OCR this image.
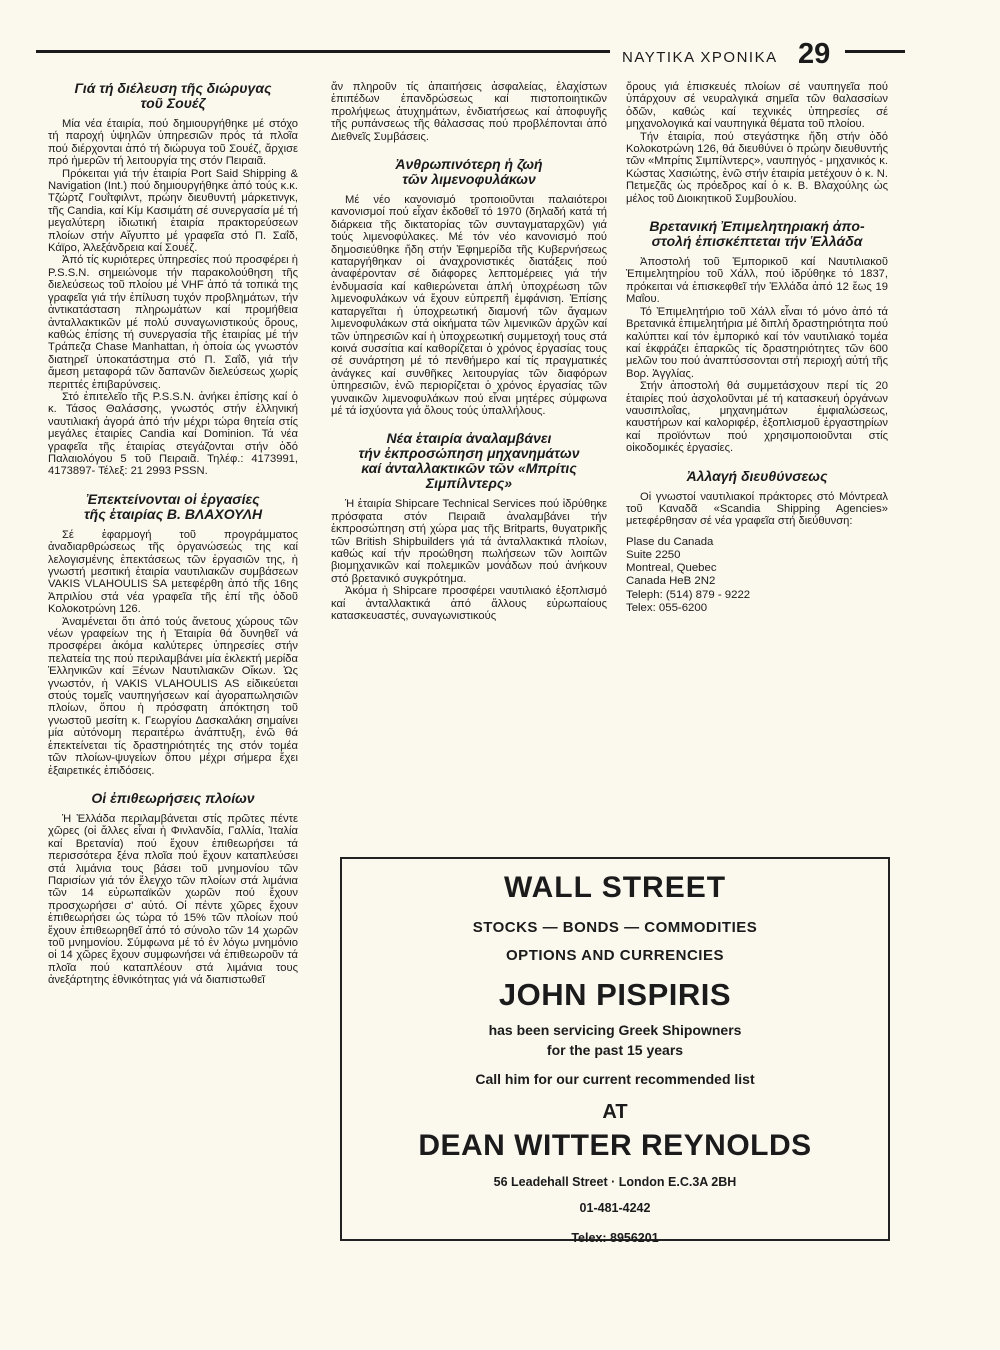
ΝΑΥΤΙΚΑ ΧΡΟΝΙΚΑ 29
Γιά τή διέλευση τῆς διώρυγας
τοῦ Σουέζ

Μία νέα έταιρία, πού δημιουργήθηκε μέ στόχο τή παροχή ὑψηλῶν ὑπηρεσιῶν πρός τά πλοῖα πού διέρχονται ἀπό τή διώρυγα τοῦ Σουέζ, ἄρχισε πρό ἡμερῶν τή λειτουργία της στόν Πειραιᾶ.

Πρόκειται γιά τήν ἑταιρία Port Said Shipping & Navigation (Int.) πού δημιουργήθηκε ἀπό τούς κ.κ. Τζώρτζ Γουΐτφιλντ, πρώην διευθυντή μάρκετινγκ, τῆς Candia, καί Κίμ Κασιμάτη σέ συνεργασία μέ τή μεγαλύτερη ἰδιωτική ἑταιρία πρακτορεύσεων πλοίων στήν Αἴγυπτο μέ γραφεῖα στό Π. Σαΐδ, Κάϊρο, Ἀλεξάνδρεια καί Σουέζ.

Ἀπό τίς κυριότερες ὑπηρεσίες πού προσφέρει ἡ P.S.S.N. σημειώνομε τήν παρακολούθηση τῆς διελεύσεως τοῦ πλοίου μέ VHF ἀπό τά τοπικά της γραφεῖα γιά τήν ἐπίλυση τυχόν προβλημάτων, τήν ἀντικατάσταση πληρωμάτων καί προμήθεια ἀνταλλακτικῶν μέ πολύ συναγωνιστικούς ὅρους, καθώς ἐπίσης τή συνεργασία τῆς ἑταιρίας μέ τήν Τράπεζα Chase Manhattan, ἡ ὁποία ὡς γνωστόν διατηρεῖ ὑποκατάστημα στό Π. Σαΐδ, γιά τήν ἄμεση μεταφορά τῶν δαπανῶν διελεύσεως χωρίς περιττές ἐπιβαρύνσεις.

Στό ἐπιτελεῖο τῆς P.S.S.N. ἀνήκει ἐπίσης καί ὁ κ. Τάσος Θαλάσσης, γνωστός στήν ἑλληνική ναυτιλιακή ἀγορά ἀπό τήν μέχρι τώρα θητεία στίς μεγάλες ἑταιρίες Candia καί Dominion. Τά νέα γραφεῖα τῆς ἑταιρίας στεγάζονται στήν ὁδό Παλαιολόγου 5 τοῦ Πειραιᾶ. Τηλέφ.: 4173991, 4173897- Τέλεξ: 21 2993 PSSN.

Ἐπεκτείνονται οἱ ἐργασίες
τῆς ἑταιρίας Β. ΒΛΑΧΟΥΛΗ

Σέ ἐφαρμογή τοῦ προγράμματος ἀναδιαρθρώσεως τῆς ὀργανώσεώς της καί λελογισμένης ἐπεκτάσεως τῶν ἐργασιῶν της, ἡ γνωστή μεσιτική ἑταιρία ναυτιλιακῶν συμβάσεων VAKIS VLAHOULIS SA μετεφέρθη ἀπό τῆς 16ης Ἀπριλίου στά νέα γραφεῖα τῆς ἐπί τῆς ὁδοῦ Κολοκοτρώνη 126.

Ἀναμένεται ὅτι ἀπό τούς ἄνετους χώρους τῶν νέων γραφείων της ἡ Ἐταιρία θά δυνηθεῖ νά προσφέρει ἀκόμα καλύτερες ὑπηρεσίες στήν πελατεία της πού περιλαμβάνει μία ἐκλεκτή μερίδα Ἑλληνικῶν καί Ξένων Ναυτιλιακῶν Οἴκων. Ὡς γνωστόν, ἡ VAKIS VLAHOULIS AS εἰδικεύεται στούς τομεῖς ναυπηγήσεων καί ἀγοραπωλησιῶν πλοίων, ὅπου ἡ πρόσφατη ἀπόκτηση τοῦ γνωστοῦ μεσίτη κ. Γεωργίου Δασκαλάκη σημαίνει μία αὐτόνομη περαιτέρω ἀνάπτυξη, ἐνῶ θά ἐπεκτείνεται τίς δραστηριότητές της στόν τομέα τῶν πλοίων-ψυγείων ὅπου μέχρι σήμερα ἔχει ἐξαιρετικές ἐπιδόσεις.

Οἱ ἐπιθεωρήσεις πλοίων

Ἡ Ἑλλάδα περιλαμβάνεται στίς πρῶτες πέντε χῶρες (οἱ ἄλλες εἶναι ἡ Φινλανδία, Γαλλία, Ἰταλία καί Βρετανία) πού ἔχουν ἐπιθεωρήσει τά περισσότερα ξένα πλοῖα πού ἔχουν καταπλεύσει στά λιμάνια τους βάσει τοῦ μνημονίου τῶν Παρισίων γιά τόν ἔλεγχο τῶν πλοίων στά λιμάνια τῶν 14 εὐρωπαϊκῶν χωρῶν πού ἔχουν προσχωρήσει σ' αὐτό. Οἱ πέντε χῶρες ἔχουν ἐπιθεωρήσει ὡς τώρα τό 15% τῶν πλοίων πού ἔχουν ἐπιθεωρηθεῖ ἀπό τό σύνολο τῶν 14 χωρῶν τοῦ μνημονίου. Σύμφωνα μέ τό ἐν λόγω μνημόνιο οἱ 14 χῶρες ἔχουν συμφωνήσει νά ἐπιθεωροῦν τά πλοῖα πού καταπλέουν στά λιμάνια τους ἀνεξάρτητης ἐθνικότητας γιά νά διαπιστωθεῖ

ἄν πληροῦν τίς ἀπαιτήσεις ἀσφαλείας, ἐλαχίστων ἐπιπέδων ἐπανδρώσεως καί πιστοποιητικῶν προλήψεως ἀτυχημάτων, ἐνδιατήσεως καί ἀποφυγῆς τῆς ρυπάνσεως τῆς θάλασσας πού προβλέπονται ἀπό Διεθνεῖς Συμβάσεις.

Ἀνθρωπινότερη ἡ ζωή
τῶν λιμενοφυλάκων

Μέ νέο κανονισμό τροποιοῦνται παλαιότεροι κανονισμοί πού εἶχαν ἐκδοθεῖ τό 1970 (δηλαδή κατά τή διάρκεια τῆς δικτατορίας τῶν συνταγματαρχῶν) γιά τούς λιμενοφύλακες. Μέ τόν νέο κανονισμό πού δημοσιεύθηκε ἤδη στήν Ἐφημερίδα τῆς Κυβερνήσεως καταργήθηκαν οἱ ἀναχρονιστικές διατάξεις πού ἀναφέρονταν σέ διάφορες λεπτομέρειες γιά τήν ἐνδυμασία καί καθιερώνεται ἁπλή ὑποχρέωση τῶν λιμενοφυλάκων νά ἔχουν εὐπρεπῆ ἐμφάνιση. Ἐπίσης καταργεῖται ἡ ὑποχρεωτική διαμονή τῶν ἄγαμων λιμενοφυλάκων στά οἰκήματα τῶν λιμενικῶν ἀρχῶν καί τῶν ὑπηρεσιῶν καί ἡ ὑποχρεωτική συμμετοχή τους στά κοινά συσσίτια καί καθορίζεται ὁ χρόνος ἐργασίας τους σέ συνάρτηση μέ τό πενθήμερο καί τίς πραγματικές ἀνάγκες καί συνθῆκες λειτουργίας τῶν διαφόρων ὑπηρεσιῶν, ἐνῶ περιορίζεται ὁ χρόνος ἐργασίας τῶν γυναικῶν λιμενοφυλάκων πού εἶναι μητέρες σύμφωνα μέ τά ἰσχύοντα γιά ὅλους τούς ὑπαλλήλους.

Νέα ἑταιρία ἀναλαμβάνει
τήν ἐκπροσώπηση μηχανημάτων
καί ἀνταλλακτικῶν τῶν «Μπρίτις
Σιμπίλντερς»

Ἡ ἑταιρία Shipcare Technical Services πού ἱδρύθηκε πρόσφατα στόν Πειραιᾶ ἀναλαμβάνει τήν ἐκπροσώπηση στή χώρα μας τῆς Britparts, θυγατρικῆς τῶν British Shipbuilders γιά τά ἀνταλλακτικά πλοίων, καθώς καί τήν προώθηση πωλήσεων τῶν λοιπῶν βιομηχανικῶν καί πολεμικῶν μονάδων πού ἀνήκουν στό βρετανικό συγκρότημα.

Ἀκόμα ἡ Shipcare προσφέρει ναυτιλιακό ἐξοπλισμό καί ἀνταλλακτικά ἀπό ἄλλους εὐρωπαίους κατασκευαστές, συναγωνιστικούς

ὅρους γιά ἐπισκευές πλοίων σέ ναυπηγεῖα πού ὑπάρχουν σέ νευραλγικά σημεῖα τῶν θαλασσίων ὁδῶν, καθώς καί τεχνικές ὑπηρεσίες σέ μηχανολογικά καί ναυπηγικά θέματα τοῦ πλοίου.

Τήν ἑταιρία, πού στεγάστηκε ἤδη στήν ὁδό Κολοκοτρώνη 126, θά διευθύνει ὁ πρώην διευθυντής τῶν «Μπρίτις Σιμπίλντερς», ναυπηγός - μηχανικός κ. Κώστας Χασιώτης, ἐνῶ στήν ἑταιρία μετέχουν ὁ κ. Ν. Πετμεζᾶς ὡς πρόεδρος καί ὁ κ. Β. Βλαχούλης ὡς μέλος τοῦ Διοικητικοῦ Συμβουλίου.

Βρετανική Ἐπιμελητηριακή ἀπο-
στολή ἐπισκέπτεται τήν Ἑλλάδα

Ἀποστολή τοῦ Ἐμπορικοῦ καί Ναυτιλιακοῦ Ἐπιμελητηρίου τοῦ Χάλλ, πού ἱδρύθηκε τό 1837, πρόκειται νά ἐπισκεφθεῖ τήν Ἑλλάδα ἀπό 12 ἕως 19 Μαΐου.

Τό Ἐπιμελητήριο τοῦ Χάλλ εἶναι τό μόνο ἀπό τά Βρετανικά ἐπιμελητήρια μέ διπλή δραστηριότητα πού καλύπτει καί τόν ἐμπορικό καί τόν ναυτιλιακό τομέα καί ἐκφράζει ἐπαρκῶς τίς δραστηριότητες τῶν 600 μελῶν του πού ἀναπτύσσονται στή περιοχή αὐτή τῆς Βορ. Ἀγγλίας.

Στήν ἀποστολή θά συμμετάσχουν περί τίς 20 ἑταιρίες πού ἀσχολοῦνται μέ τή κατασκευή ὀργάνων ναυσιπλοΐας, μηχανημάτων ἐμφιαλώσεως, καυστήρων καί καλοριφέρ, ἐξοπλισμοῦ ἐργαστηρίων καί προϊόντων πού χρησιμοποιοῦνται στίς οἰκοδομικές ἐργασίες.

Ἀλλαγή διευθύνσεως

Οἱ γνωστοί ναυτιλιακοί πράκτορες στό Μόντρεαλ τοῦ Καναδᾶ «Scandia Shipping Agencies» μετεφέρθησαν σέ νέα γραφεῖα στή διεύθυνση:

Plase du Canada

Suite 2250

Montreal, Quebec

Canada HeB 2N2

Teleph: (514) 879 - 9222

Telex: 055-6200

WALL STREET
STOCKS — BONDS — COMMODITIES
OPTIONS AND CURRENCIES
JOHN PISPIRIS
has been servicing Greek Shipowners
for the past 15 years
Call him for our current recommended list
AT
DEAN WITTER REYNOLDS
56 Leadehall Street · London E.C.3A 2BH
01-481-4242
Telex: 8956201
